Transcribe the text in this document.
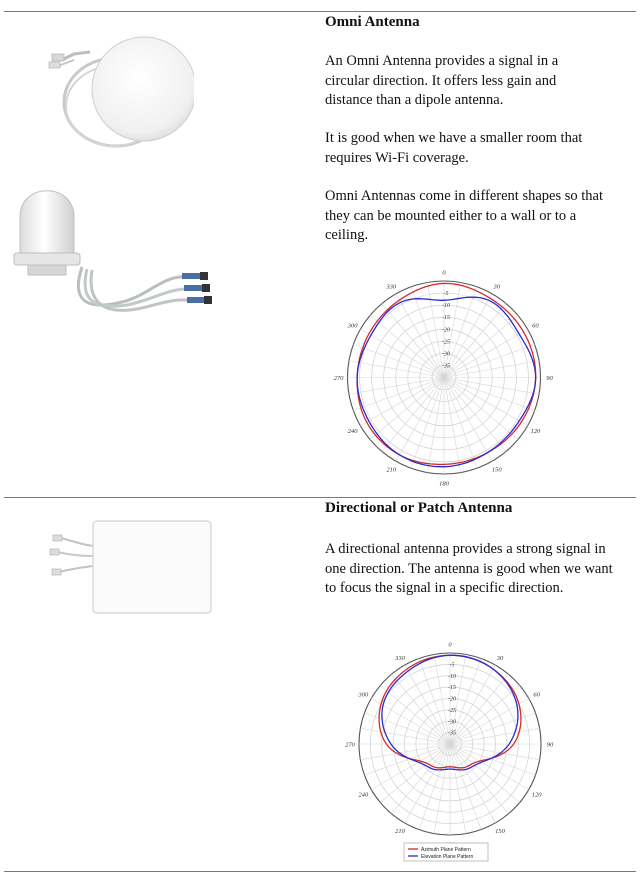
Omni Antenna

An Omni Antenna provides a signal in a circular direction. It offers less gain and distance than a dipole antenna.

It is good when we have a smaller room that requires Wi-Fi coverage.

Omni Antennas come in different shapes so that they can be mounted either to a wall or to a ceiling.

0
30
60
90
120
150
180
210
240
270
300
330
-5
-10
-15
-20
-25
-30
-35
Directional or Patch Antenna

A directional antenna provides a strong signal in one direction. The antenna is good when we want to focus the signal in a specific direction.

0
30
60
90
120
150
210
240
270
300
330
-5
-10
-15
-20
-25
-30
-35
Azimuth Plane Pattern
Elevation Plane Pattern
